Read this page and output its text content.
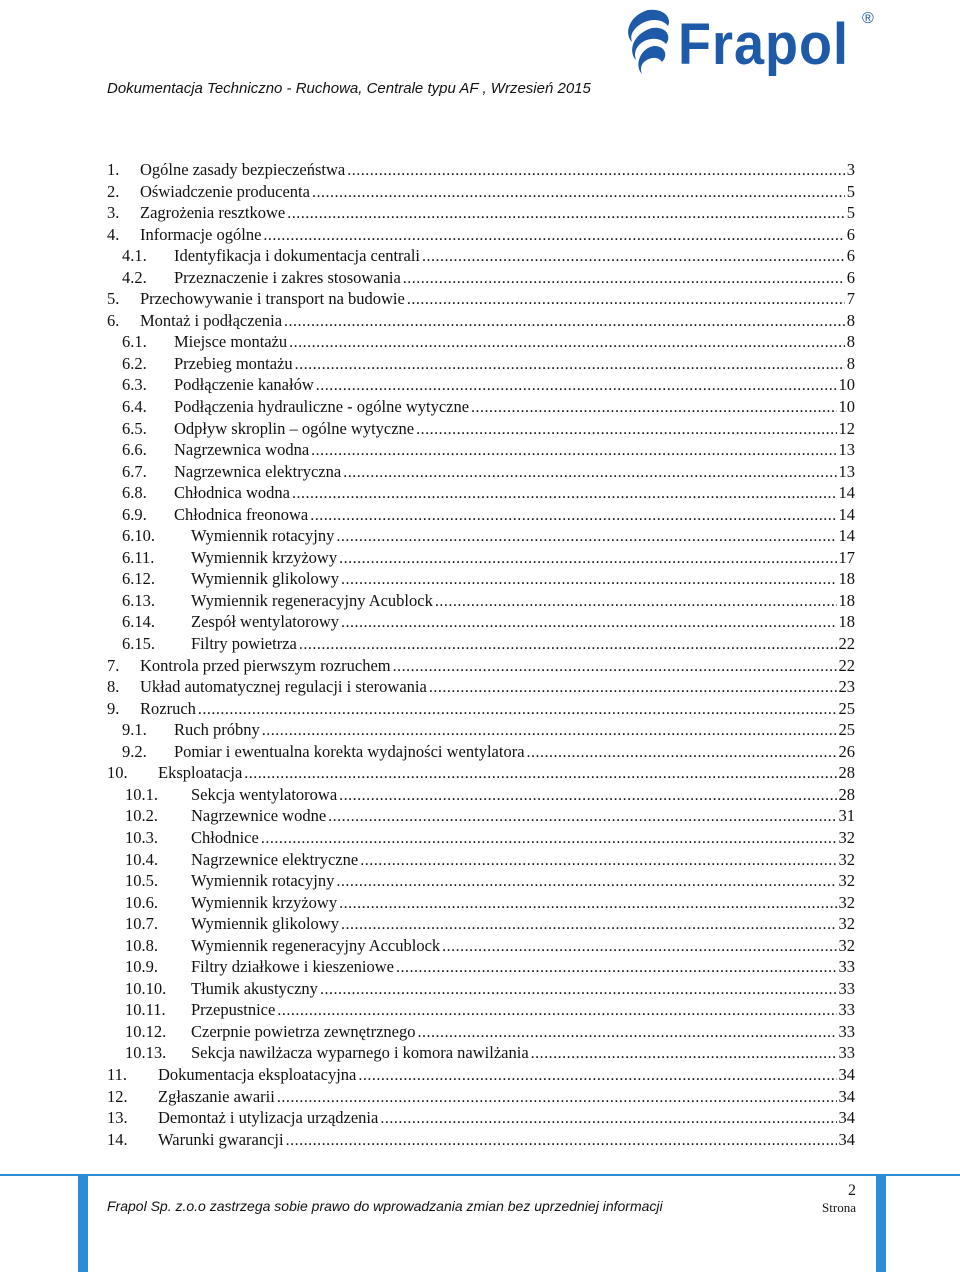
Dokumentacja Techniczno - Ruchowa, Centrale typu AF , Wrzesień 2015
Frapol ®
1.	Ogólne zasady bezpieczeństwa .....	3
2.	Oświadczenie producenta .....	5
3.	Zagrożenia resztkowe .....	5
4.	Informacje ogólne .....	6
4.1.	Identyfikacja i dokumentacja centrali .....	6
4.2.	Przeznaczenie i zakres stosowania .....	6
5.	Przechowywanie i transport na budowie .....	7
6.	Montaż i podłączenia .....	8
6.1.	Miejsce montażu .....	8
6.2.	Przebieg montażu .....	8
6.3.	Podłączenie kanałów .....	10
6.4.	Podłączenia hydrauliczne - ogólne wytyczne .....	10
6.5.	Odpływ skroplin – ogólne wytyczne .....	12
6.6.	Nagrzewnica wodna .....	13
6.7.	Nagrzewnica elektryczna .....	13
6.8.	Chłodnica wodna .....	14
6.9.	Chłodnica freonowa .....	14
6.10.	Wymiennik rotacyjny .....	14
6.11.	Wymiennik krzyżowy .....	17
6.12.	Wymiennik glikolowy .....	18
6.13.	Wymiennik regeneracyjny Acublock .....	18
6.14.	Zespół wentylatorowy .....	18
6.15.	Filtry powietrza .....	22
7.	Kontrola przed pierwszym rozruchem .....	22
8.	Układ automatycznej regulacji i sterowania .....	23
9.	Rozruch .....	25
9.1.	Ruch próbny .....	25
9.2.	Pomiar i ewentualna korekta wydajności wentylatora .....	26
10.	Eksploatacja .....	28
10.1.	Sekcja wentylatorowa .....	28
10.2.	Nagrzewnice wodne .....	31
10.3.	Chłodnice .....	32
10.4.	Nagrzewnice elektryczne .....	32
10.5.	Wymiennik rotacyjny .....	32
10.6.	Wymiennik krzyżowy .....	32
10.7.	Wymiennik glikolowy .....	32
10.8.	Wymiennik regeneracyjny Accublock .....	32
10.9.	Filtry działkowe i kieszeniowe .....	33
10.10.	Tłumik akustyczny .....	33
10.11.	Przepustnice .....	33
10.12.	Czerpnie powietrza zewnętrznego .....	33
10.13.	Sekcja nawilżacza wyparnego i komora nawilżania .....	33
11.	Dokumentacja eksploatacyjna .....	34
12.	Zgłaszanie awarii .....	34
13.	Demontaż i utylizacja urządzenia .....	34
14.	Warunki gwarancji .....	34
Frapol Sp. z.o.o zastrzega sobie prawo do wprowadzania zmian bez uprzedniej informacji
2
Strona
